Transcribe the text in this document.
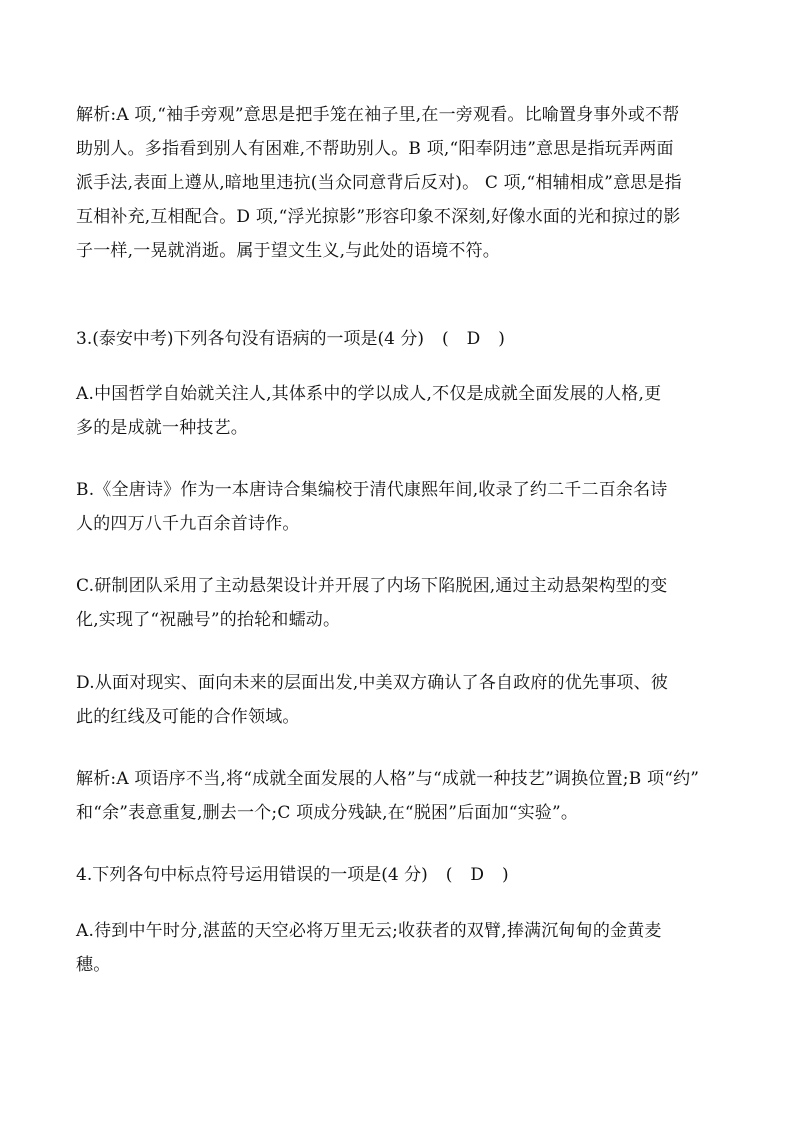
解析:A 项,“袖手旁观”意思是把手笼在袖子里,在一旁观看。比喻置身事外或不帮
助别人。多指看到别人有困难,不帮助别人。B 项,“阳奉阴违”意思是指玩弄两面
派手法,表面上遵从,暗地里违抗(当众同意背后反对)。 C 项,“相辅相成”意思是指
互相补充,互相配合。D 项,“浮光掠影”形容印象不深刻,好像水面的光和掠过的影
子一样,一晃就消逝。属于望文生义,与此处的语境不符。
3.(泰安中考)下列各句没有语病的一项是(4 分) ( D )
A.中国哲学自始就关注人,其体系中的学以成人,不仅是成就全面发展的人格,更
多的是成就一种技艺。
B.《全唐诗》作为一本唐诗合集编校于清代康熙年间,收录了约二千二百余名诗
人的四万八千九百余首诗作。
C.研制团队采用了主动悬架设计并开展了内场下陷脱困,通过主动悬架构型的变
化,实现了“祝融号”的抬轮和蠕动。
D.从面对现实、面向未来的层面出发,中美双方确认了各自政府的优先事项、彼
此的红线及可能的合作领域。
解析:A 项语序不当,将“成就全面发展的人格”与“成就一种技艺”调换位置;B 项“约”
和“余”表意重复,删去一个;C 项成分残缺,在“脱困”后面加“实验”。
4.下列各句中标点符号运用错误的一项是(4 分) ( D )
A.待到中午时分,湛蓝的天空必将万里无云;收获者的双臂,捧满沉甸甸的金黄麦
穗。
